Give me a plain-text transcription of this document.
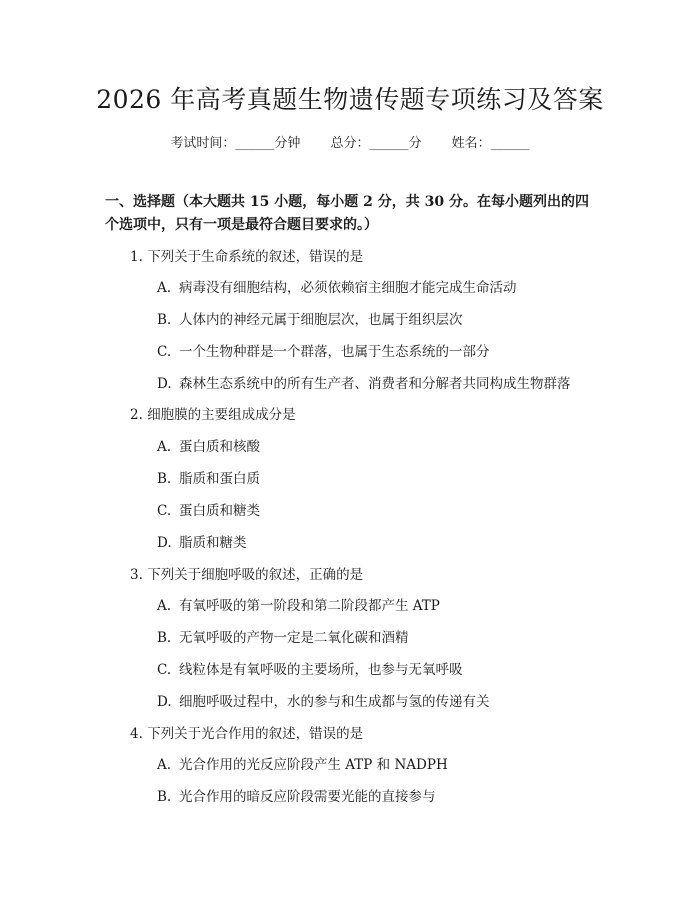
2026 年高考真题生物遗传题专项练习及答案
考试时间：______分钟 总分：______分 姓名：______
一、选择题（本大题共 15 小题，每小题 2 分，共 30 分。在每小题列出的四个选项中，只有一项是最符合题目要求的。）
1. 下列关于生命系统的叙述，错误的是
A. 病毒没有细胞结构，必须依赖宿主细胞才能完成生命活动
B. 人体内的神经元属于细胞层次，也属于组织层次
C. 一个生物种群是一个群落，也属于生态系统的一部分
D. 森林生态系统中的所有生产者、消费者和分解者共同构成生物群落
2. 细胞膜的主要组成成分是
A. 蛋白质和核酸
B. 脂质和蛋白质
C. 蛋白质和糖类
D. 脂质和糖类
3. 下列关于细胞呼吸的叙述，正确的是
A. 有氧呼吸的第一阶段和第二阶段都产生 ATP
B. 无氧呼吸的产物一定是二氧化碳和酒精
C. 线粒体是有氧呼吸的主要场所，也参与无氧呼吸
D. 细胞呼吸过程中，水的参与和生成都与氢的传递有关
4. 下列关于光合作用的叙述，错误的是
A. 光合作用的光反应阶段产生 ATP 和 NADPH
B. 光合作用的暗反应阶段需要光能的直接参与
